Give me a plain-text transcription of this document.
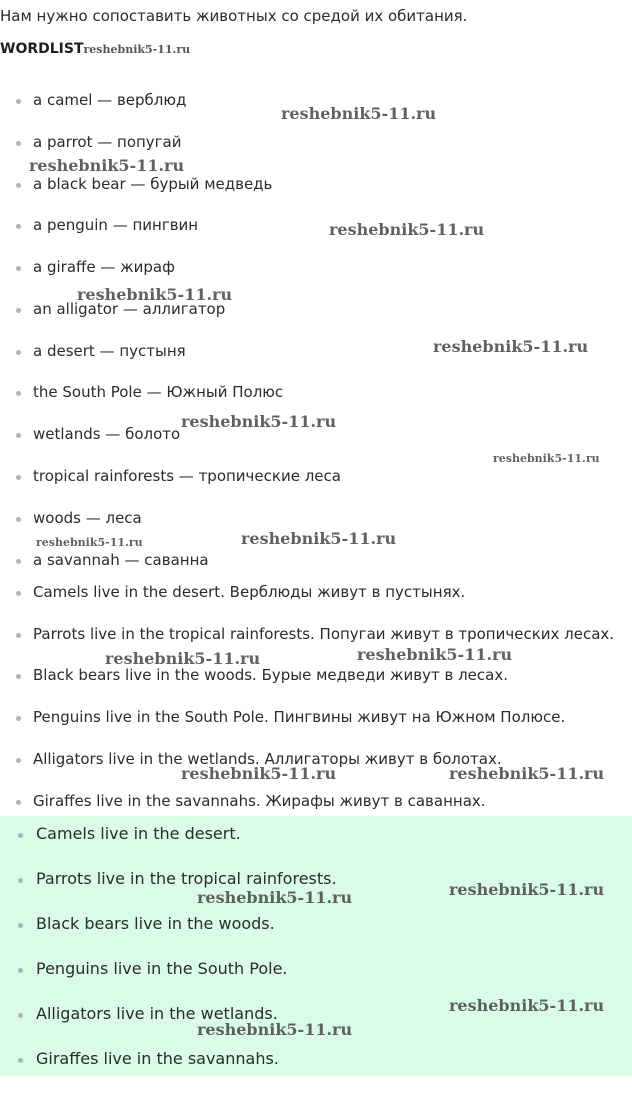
Нам нужно сопоставить животных со средой их обитания.
WORDLISTreshebnik5-11.ru
a camel — верблюд
a parrot — попугай
a black bear — бурый медведь
a penguin — пингвин
a giraffe — жираф
an alligator — аллигатор
a desert — пустыня
the South Pole — Южный Полюс
wetlands — болото
tropical rainforests — тропические леса
woods — леса
a savannah — саванна
Camels live in the desert. Верблюды живут в пустынях.
Parrots live in the tropical rainforests. Попугаи живут в тропических лесах.
Black bears live in the woods. Бурые медведи живут в лесах.
Penguins live in the South Pole. Пингвины живут на Южном Полюсе.
Alligators live in the wetlands. Аллигаторы живут в болотах.
Giraffes live in the savannahs. Жирафы живут в саваннах.
Camels live in the desert.
Parrots live in the tropical rainforests.
Black bears live in the woods.
Penguins live in the South Pole.
Alligators live in the wetlands.
Giraffes live in the savannahs.
reshebnik5-11.ru
reshebnik5-11.ru
reshebnik5-11.ru
reshebnik5-11.ru
reshebnik5-11.ru
reshebnik5-11.ru
reshebnik5-11.ru
reshebnik5-11.ru
reshebnik5-11.ru
reshebnik5-11.ru	reshebnik5-11.ru
reshebnik5-11.ru	reshebnik5-11.ru
reshebnik5-11.ru	reshebnik5-11.ru
reshebnik5-11.ru
reshebnik5-11.ru
